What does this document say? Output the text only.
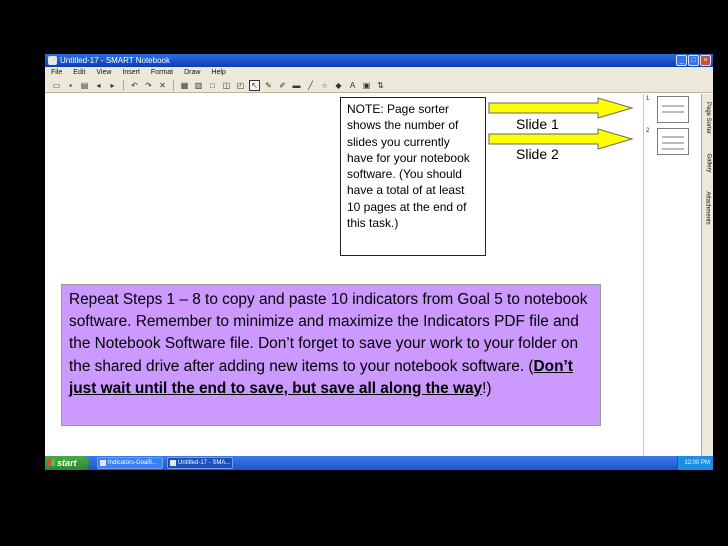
Untitled-17 - SMART Notebook	_	□	×
File Edit View Insert Format Draw Help
▭	▪	▤	◂	▸	↶ ↷ ✕ ▦ ▥ □ ◫ ◰ ↖ ✎ ✐ ▬ ╱	○	◆	A ▣ ⇅
1
2	Page Sorter
Gallery
Attachments
start	Indicators-Goal5...	Untitled-17 - SMA...	12:00 PM
NOTE: Page sorter shows the number of slides you currently have for your notebook software. (You should have a total of at least 10 pages at the end of this task.)
Slide 1
Slide 2
Repeat Steps 1 – 8 to copy and paste 10 indicators from Goal 5 to notebook software. Remember to minimize and maximize the Indicators PDF file and the Notebook Software file. Don’t forget to save your work to your folder on the shared drive after adding new items to your notebook software. (Don’t just wait until the end to save, but save all along the way!)
